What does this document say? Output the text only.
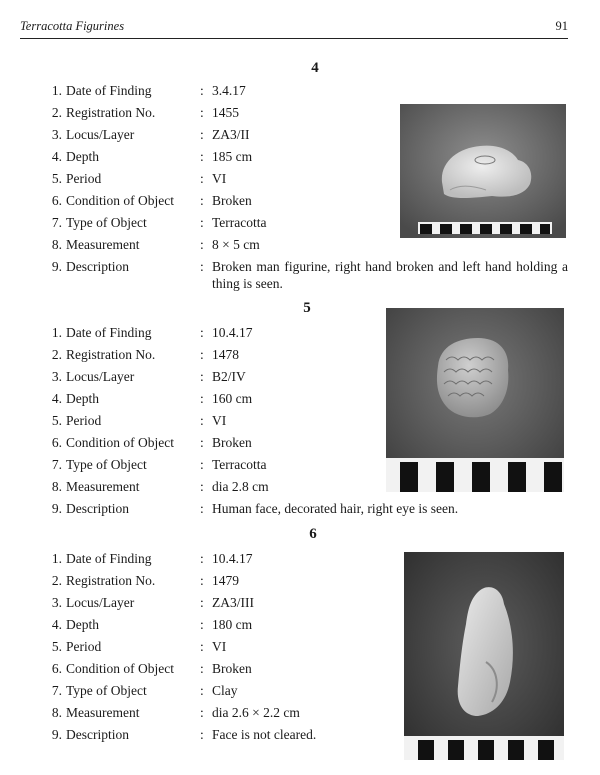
Terracotta Figurines	91
4
1. Date of Finding	: 3.4.17
2. Registration No.	: 1455
3. Locus/Layer	: ZA3/II
4. Depth	: 185 cm
5. Period	: VI
6. Condition of Object : Broken
7. Type of Object	: Terracotta
8. Measurement	: 8 × 5 cm
9. Description	: Broken man figurine, right hand broken and left hand holding a thing is seen.
5
1. Date of Finding	: 10.4.17
2. Registration No.	: 1478
3. Locus/Layer	: B2/IV
4. Depth	: 160 cm
5. Period	: VI
6. Condition of Object : Broken
7. Type of Object	: Terracotta
8. Measurement	: dia 2.8 cm
9. Description	: Human face, decorated hair, right eye is seen.
6
1. Date of Finding	: 10.4.17
2. Registration No.	: 1479
3. Locus/Layer	: ZA3/III
4. Depth	: 180 cm
5. Period	: VI
6. Condition of Object : Broken
7. Type of Object	: Clay
8. Measurement	: dia 2.6 × 2.2 cm
9. Description	: Face is not cleared.
